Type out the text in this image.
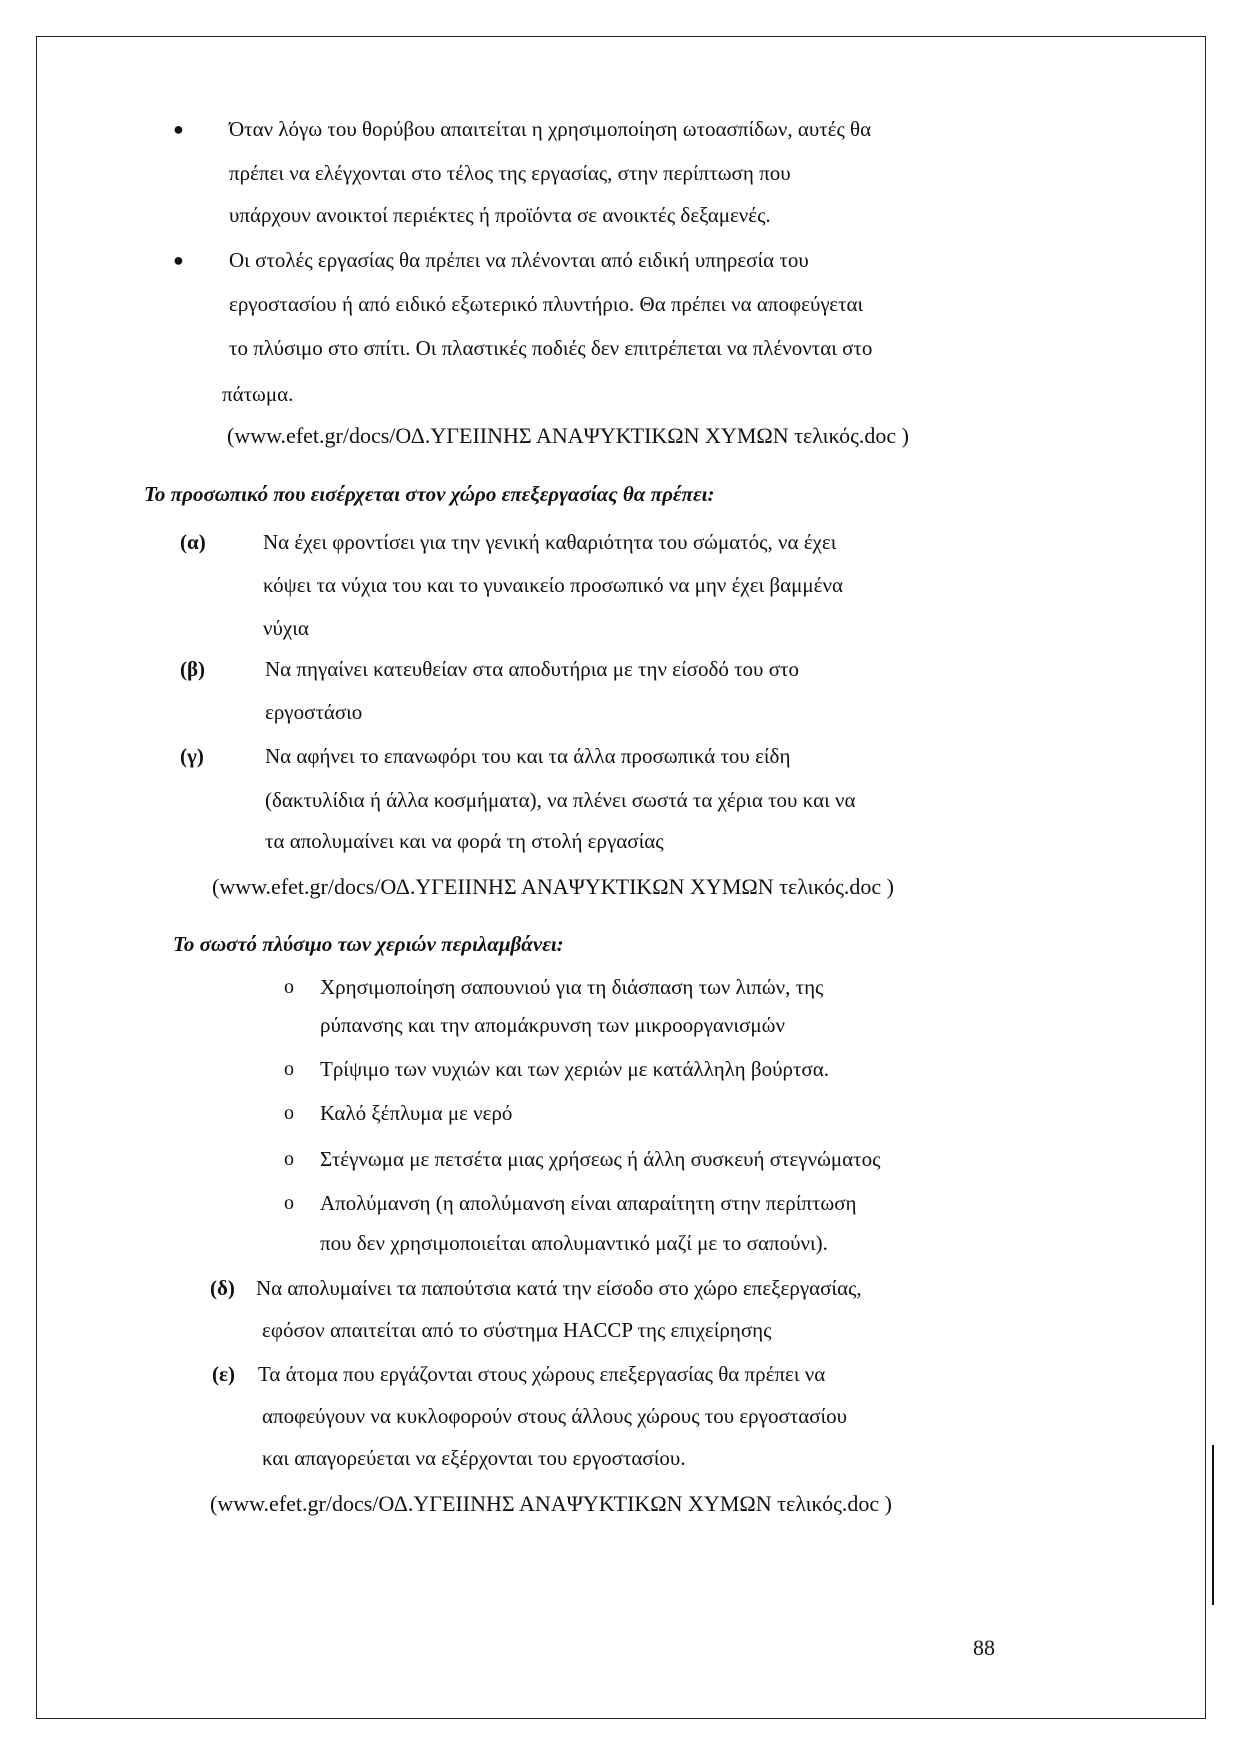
● Όταν λόγω του θορύβου απαιτείται η χρησιμοποίηση ωτοασπίδων, αυτές θα
πρέπει να ελέγχονται στο τέλος της εργασίας, στην περίπτωση που
υπάρχουν ανοικτοί περιέκτες ή προϊόντα σε ανοικτές δεξαμενές.
● Οι στολές εργασίας θα πρέπει να πλένονται από ειδική υπηρεσία του
εργοστασίου ή από ειδικό εξωτερικό πλυντήριο. Θα πρέπει να αποφεύγεται
το πλύσιμο στο σπίτι. Οι πλαστικές ποδιές δεν επιτρέπεται να πλένονται στο
πάτωμα.
(www.efet.gr/docs/ΟΔ.ΥΓΕΙΙΝΗΣ ΑΝΑΨΥΚΤΙΚΩΝ ΧΥΜΩΝ τελικός.doc )
Το προσωπικό που εισέρχεται στον χώρο επεξεργασίας θα πρέπει:
(α)	Να έχει φροντίσει για την γενική καθαριότητα του σώματός, να έχει
κόψει τα νύχια του και το γυναικείο προσωπικό να μην έχει βαμμένα
νύχια
(β)	Να πηγαίνει κατευθείαν στα αποδυτήρια με την είσοδό του στο
εργοστάσιο
(γ)	Να αφήνει το επανωφόρι του και τα άλλα προσωπικά του είδη
(δακτυλίδια ή άλλα κοσμήματα), να πλένει σωστά τα χέρια του και να
τα απολυμαίνει και να φορά τη στολή εργασίας
(www.efet.gr/docs/ΟΔ.ΥΓΕΙΙΝΗΣ ΑΝΑΨΥΚΤΙΚΩΝ ΧΥΜΩΝ τελικός.doc )
Το σωστό πλύσιμο των χεριών περιλαμβάνει:
o Χρησιμοποίηση σαπουνιού για τη διάσπαση των λιπών, της
ρύπανσης και την απομάκρυνση των μικροοργανισμών
o Τρίψιμο των νυχιών και των χεριών με κατάλληλη βούρτσα.
o Καλό ξέπλυμα με νερό
o Στέγνωμα με πετσέτα μιας χρήσεως ή άλλη συσκευή στεγνώματος
o Απολύμανση (η απολύμανση είναι απαραίτητη στην περίπτωση
που δεν χρησιμοποιείται απολυμαντικό μαζί με το σαπούνι).
(δ) Να απολυμαίνει τα παπούτσια κατά την είσοδο στο χώρο επεξεργασίας,
εφόσον απαιτείται από το σύστημα HACCP της επιχείρησης
(ε) Τα άτομα που εργάζονται στους χώρους επεξεργασίας θα πρέπει να
αποφεύγουν να κυκλοφορούν στους άλλους χώρους του εργοστασίου
και απαγορεύεται να εξέρχονται του εργοστασίου.
(www.efet.gr/docs/ΟΔ.ΥΓΕΙΙΝΗΣ ΑΝΑΨΥΚΤΙΚΩΝ ΧΥΜΩΝ τελικός.doc )
88
